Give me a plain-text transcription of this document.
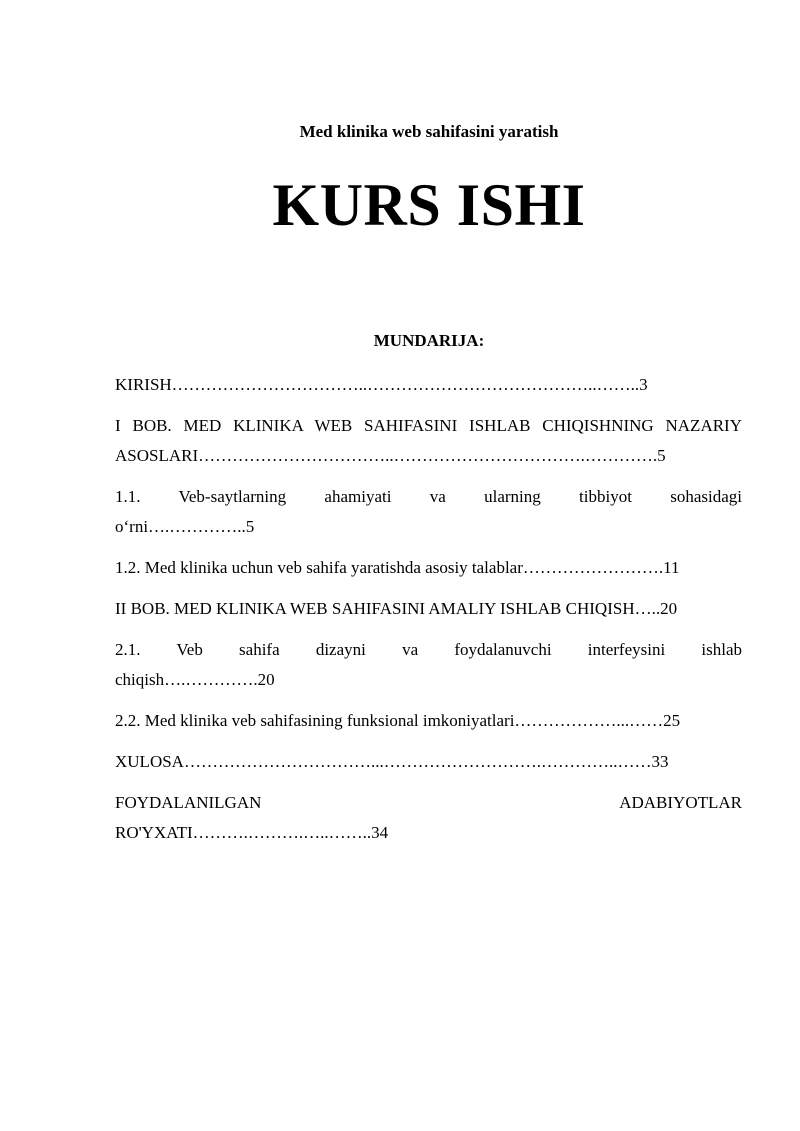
Med klinika web sahifasini yaratish
KURS ISHI
MUNDARIJA:
KIRISH……………………………..…………………………………..……..3
I BOB. MED KLINIKA WEB SAHIFASINI ISHLAB CHIQISHNING NAZARIY
ASOSLARI……………………………..…………………………….………….5
1.1. Veb-saytlarning ahamiyati va ularning tibbiyot sohasidagi
o‘rni….…………..5
1.2. Med klinika uchun veb sahifa yaratishda asosiy talablar…………………….11
II BOB. MED KLINIKA WEB SAHIFASINI AMALIY ISHLAB CHIQISH…..20
2.1. Veb sahifa dizayni va foydalanuvchi interfeysini ishlab
chiqish….………….20
2.2. Med klinika veb sahifasining funksional imkoniyatlari………………...……25
XULOSA……………………………...……………………….…………..……33
FOYDALANILGAN ADABIYOTLAR
RO'YXATI……….……….…..……..34
